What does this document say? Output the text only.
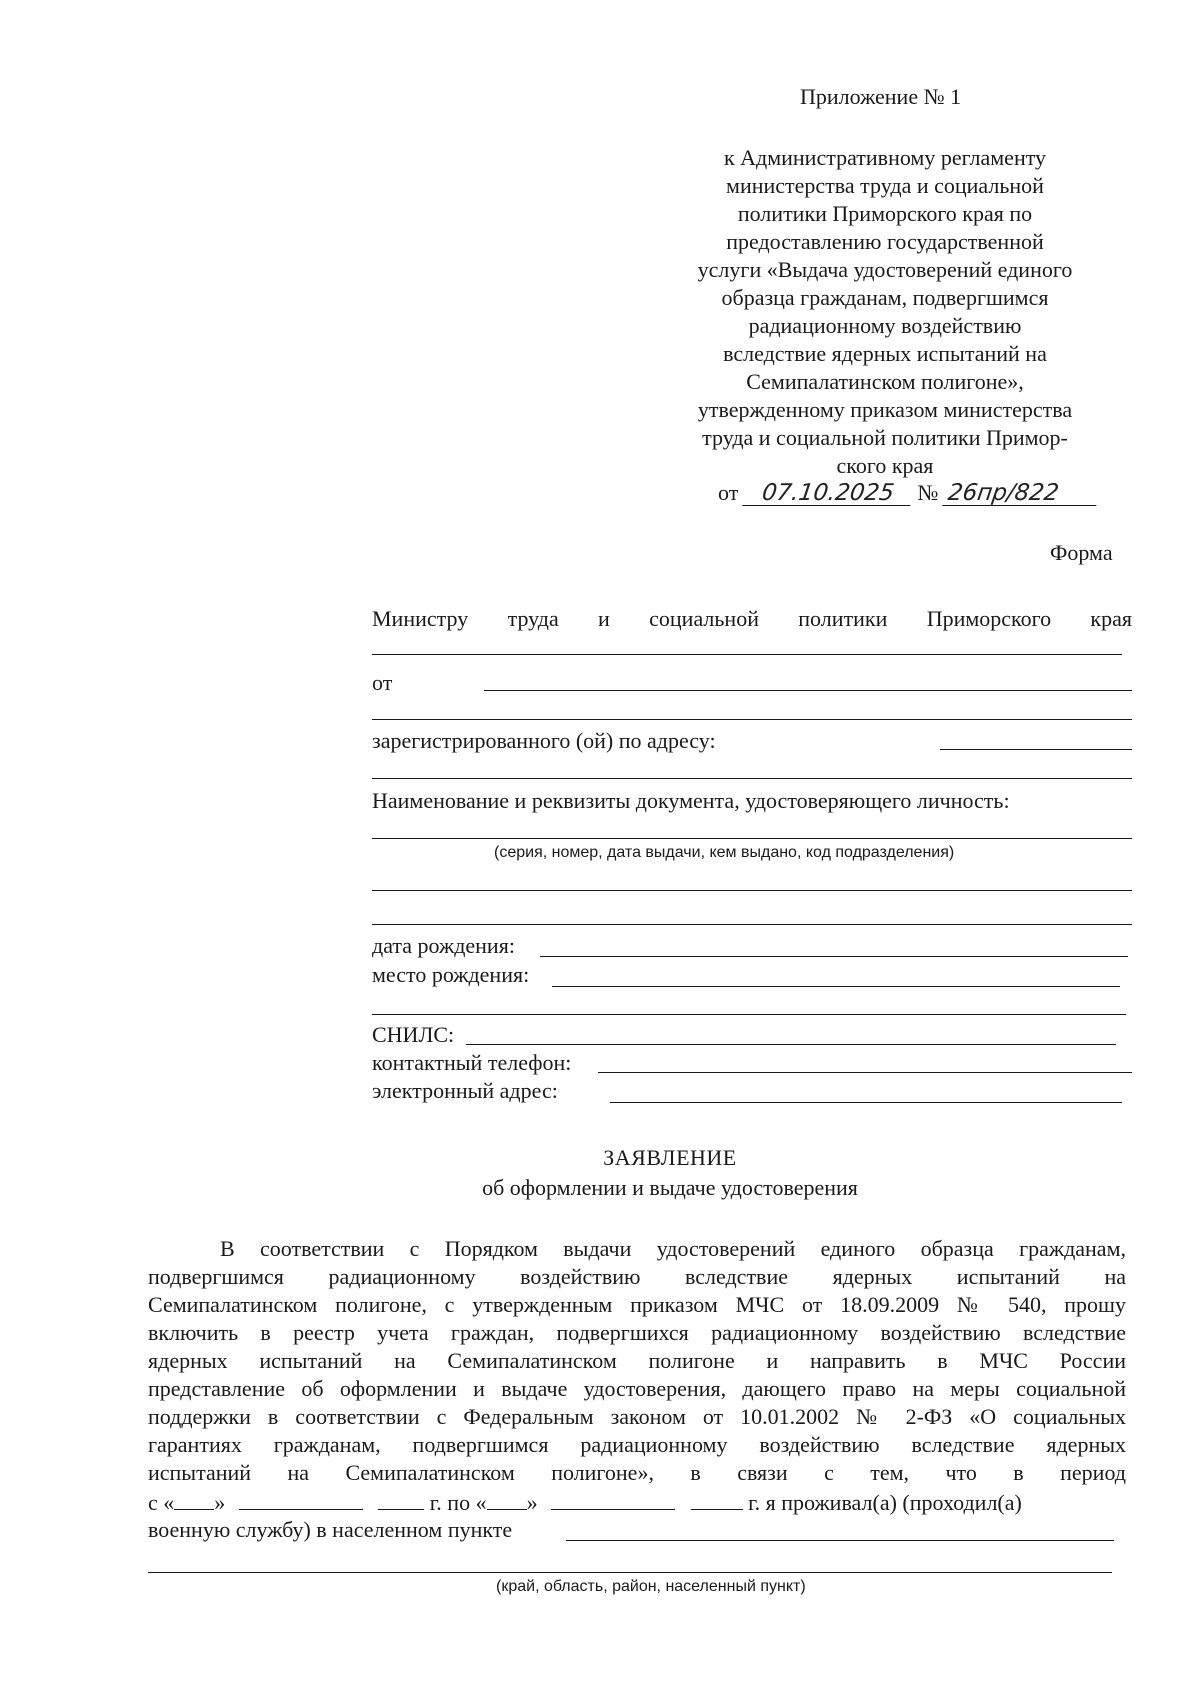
Приложение № 1
к Административному регламенту
министерства труда и социальной
политики Приморского края по
предоставлению государственной
услуги «Выдача удостоверений единого
образца гражданам, подвергшимся
радиационному воздействию
вследствие ядерных испытаний на
Семипалатинском полигоне»,
утвержденному приказом министерства
труда и социальной политики Примор-
ского края
от 07.10.2025 № 26пр/822
Форма
Министру труда и социальной политики Приморского края
от
зарегистрированного (ой) по адресу:
Наименование и реквизиты документа, удостоверяющего личность:
(серия, номер, дата выдачи, кем выдано, код подразделения)
дата рождения:
место рождения:
СНИЛС:
контактный телефон:
электронный адрес:
ЗАЯВЛЕНИЕ
об оформлении и выдаче удостоверения
В соответствии с Порядком выдачи удостоверений единого образца гражданам,
подвергшимся радиационному воздействию вследствие ядерных испытаний на
Семипалатинском полигоне, с утвержденным приказом МЧС от 18.09.2009 № 540, прошу
включить в реестр учета граждан, подвергшихся радиационному воздействию вследствие
ядерных испытаний на Семипалатинском полигоне и направить в МЧС России
представление об оформлении и выдаче удостоверения, дающего право на меры социальной
поддержки в соответствии с Федеральным законом от 10.01.2002 № 2-ФЗ «О социальных
гарантиях гражданам, подвергшимся радиационному воздействию вследствие ядерных
испытаний на Семипалатинском полигоне», в связи с тем, что в период
с « »	г. по « »	г. я проживал(а) (проходил(а)
военную службу) в населенном пункте
(край, область, район, населенный пункт)
